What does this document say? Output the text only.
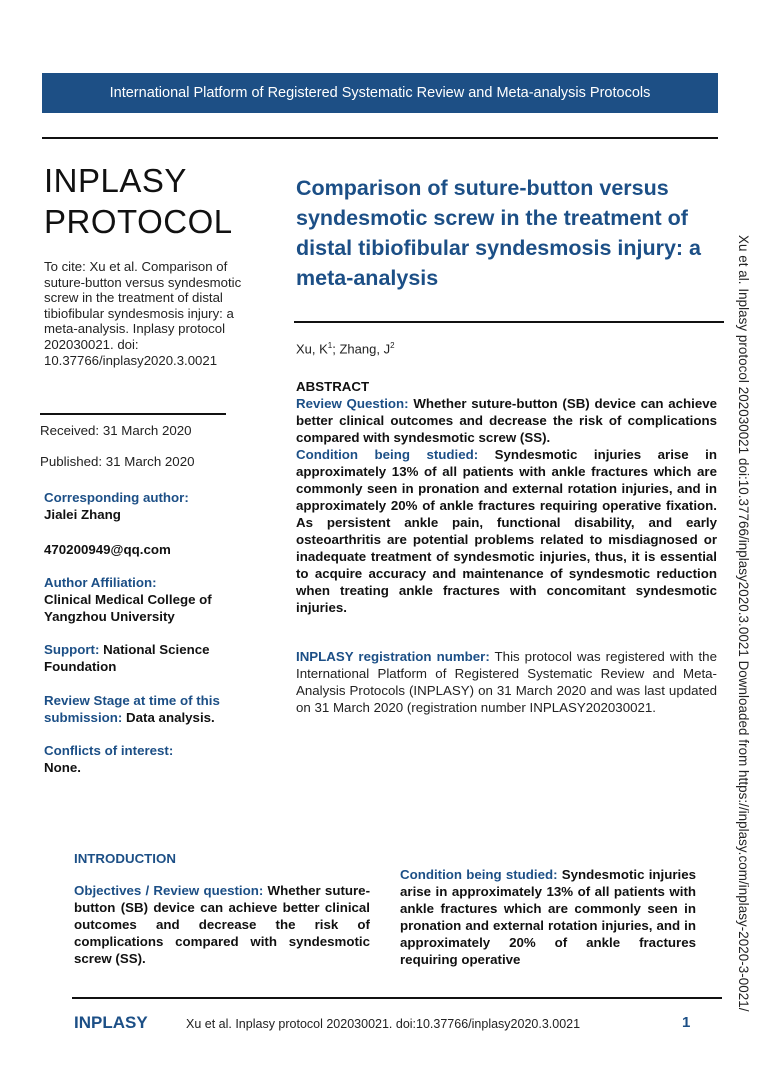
International Platform of Registered Systematic Review and Meta-analysis Protocols
INPLASY
PROTOCOL
To cite: Xu et al. Comparison of suture-button versus syndesmotic screw in the treatment of distal tibiofibular syndesmosis injury: a meta-analysis. Inplasy protocol 202030021. doi: 10.37766/inplasy2020.3.0021
Received: 31 March 2020
Published: 31 March 2020
Corresponding author:
Jialei Zhang
470200949@qq.com
Author Affiliation:
Clinical Medical College of Yangzhou University
Support: National Science Foundation
Review Stage at time of this submission: Data analysis.
Conflicts of interest:
None.
Comparison of suture-button versus syndesmotic screw in the treatment of distal tibiofibular syndesmosis injury: a meta-analysis
Xu, $K^1$; Zhang, $J^2$
ABSTRACT
Review Question: Whether suture-button (SB) device can achieve better clinical outcomes and decrease the risk of complications compared with syndesmotic screw (SS).
Condition being studied: Syndesmotic injuries arise in approximately 13% of all patients with ankle fractures which are commonly seen in pronation and external rotation injuries, and in approximately 20% of ankle fractures requiring operative fixation. As persistent ankle pain, functional disability, and early osteoarthritis are potential problems related to misdiagnosed or inadequate treatment of syndesmotic injuries, thus, it is essential to acquire accuracy and maintenance of syndesmotic reduction when treating ankle fractures with concomitant syndesmotic injuries.
INPLASY registration number: This protocol was registered with the International Platform of Registered Systematic Review and Meta-Analysis Protocols (INPLASY) on 31 March 2020 and was last updated on 31 March 2020 (registration number INPLASY202030021.
INTRODUCTION
Objectives / Review question: Whether suture-button (SB) device can achieve better clinical outcomes and decrease the risk of complications compared with syndesmotic screw (SS).
Condition being studied: Syndesmotic injuries arise in approximately 13% of all patients with ankle fractures which are commonly seen in pronation and external rotation injuries, and in approximately 20% of ankle fractures requiring operative	Xu et al. Inplasy protocol 202030021 doi:10.37766/inplasy2020.3.0021 Downloaded from https://inplasy.com/inplasy-2020-3-0021/
INPLASY	Xu et al. Inplasy protocol 202030021. doi:10.37766/inplasy2020.3.0021	1
